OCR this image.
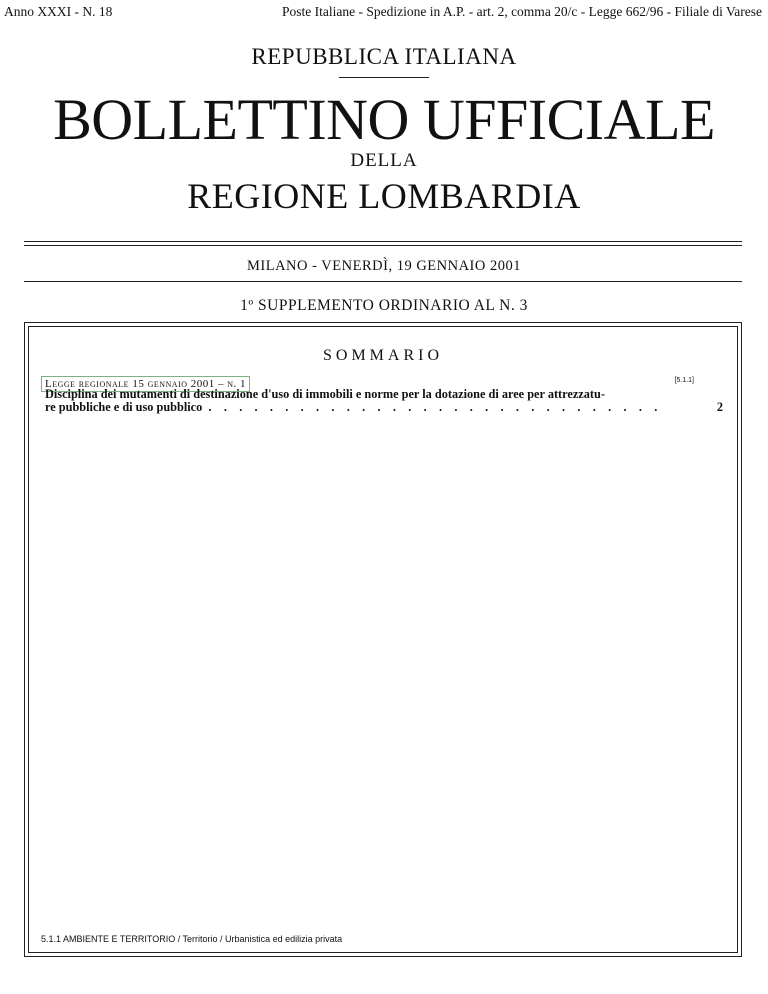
Anno XXXI - N. 18	Poste Italiane - Spedizione in A.P. - art. 2, comma 20/c - Legge 662/96 - Filiale di Varese
REPUBBLICA ITALIANA
BOLLETTINO UFFICIALE
DELLA
REGIONE LOMBARDIA
MILANO - VENERDÌ, 19 GENNAIO 2001
1º SUPPLEMENTO ORDINARIO AL N. 3
SOMMARIO
Legge regionale 15 gennaio 2001 – n. 1	[5.1.1]
Disciplina dei mutamenti di destinazione d'uso di immobili e norme per la dotazione di aree per attrezzatu-
re pubbliche e di uso pubblico  .    .    .    .    .    .    .    .    .    .    .    .    .    .    .    .    .    .    .    .    .    .    .    .    .    .    .    .    .    .	2
5.1.1 AMBIENTE E TERRITORIO / Territorio / Urbanistica ed edilizia privata
